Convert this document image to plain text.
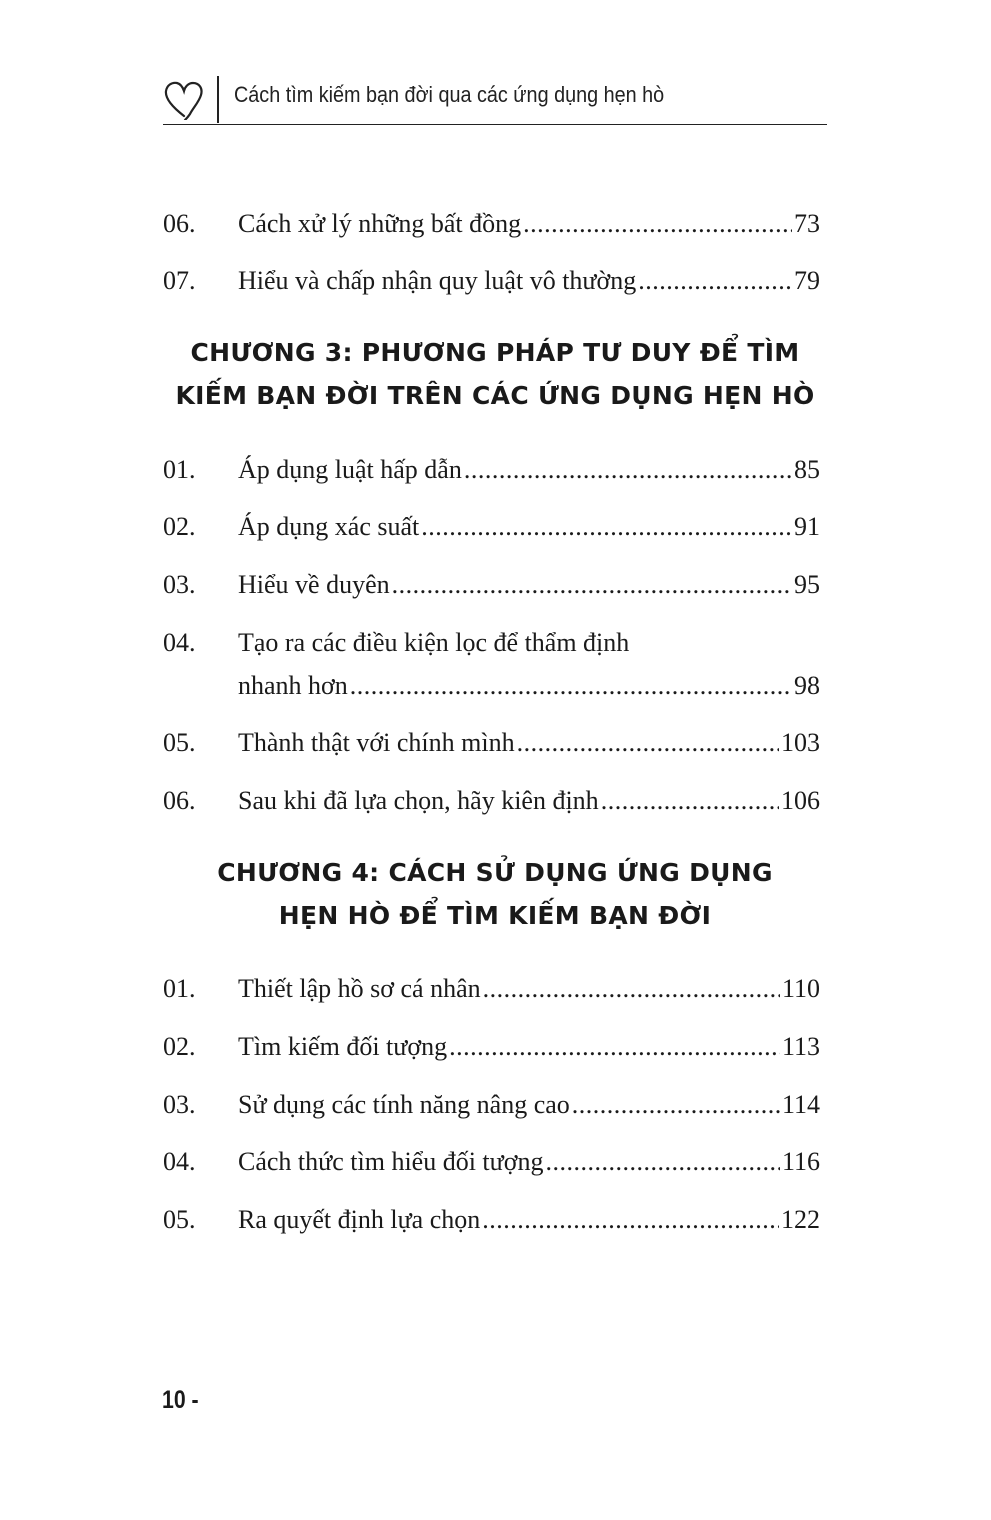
Cách tìm kiếm bạn đời qua các ứng dụng hẹn hò
06. Cách xử lý những bất đồng .....	73
07. Hiểu và chấp nhận quy luật vô thường .....	79
CHƯƠNG 3: PHƯƠNG PHÁP TƯ DUY ĐỂ TÌM
KIẾM BẠN ĐỜI TRÊN CÁC ỨNG DỤNG HẸN HÒ
01. Áp dụng luật hấp dẫn .....	85
02. Áp dụng xác suất .....	91
03. Hiểu về duyên .....	95
04. Tạo ra các điều kiện lọc để thẩm định
nhanh hơn .....	98
05. Thành thật với chính mình .....	103
06. Sau khi đã lựa chọn, hãy kiên định .....	106
CHƯƠNG 4: CÁCH SỬ DỤNG ỨNG DỤNG
HẸN HÒ ĐỂ TÌM KIẾM BẠN ĐỜI
01. Thiết lập hồ sơ cá nhân .....	110
02. Tìm kiếm đối tượng .....	113
03. Sử dụng các tính năng nâng cao .....	114
04. Cách thức tìm hiểu đối tượng .....	116
05. Ra quyết định lựa chọn .....	122
10 -
